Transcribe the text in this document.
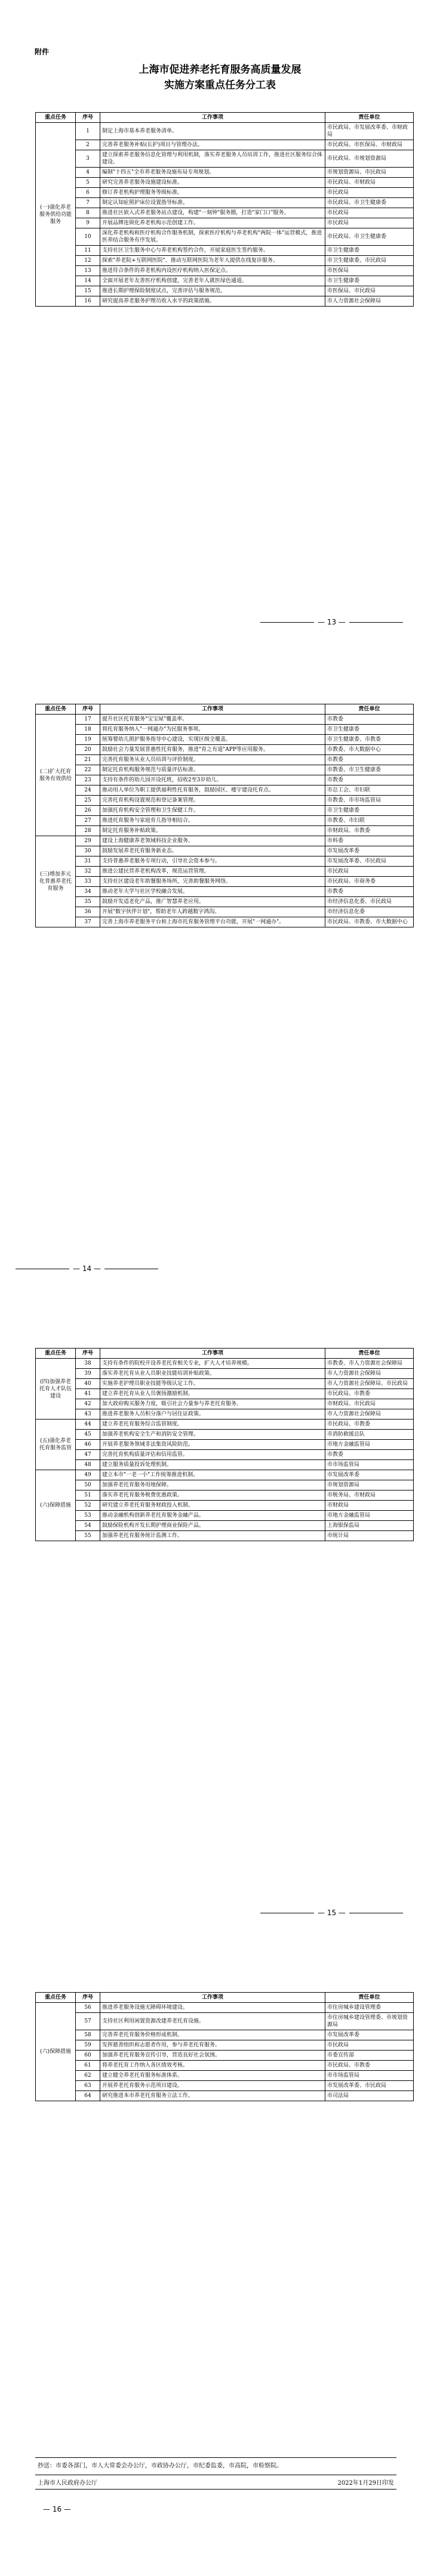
附件
上海市促进养老托育服务高质量发展
实施方案重点任务分工表
重点任务	序号	工作事项	责任单位
(一)强化养老服务供给功能服务	1	制定上海市基本养老服务清单。	市民政局、市发展改革委、市财政局
	2	完善养老服务补贴(长护)项目与管理办法。	市民政局、市医保局、市财政局
	3	建立探索养老服务信息化管理与利用机制，落实养老服务人员培训工作，推进社区服务综合体建设。	市民政局、市规划资源局
	4	编制"十四五"全市养老服务设施布局专项规划。	市规划资源局、市民政局
	5	研究完善养老服务设施建设标准。	市民政局、市财政局
	6	修订养老机构护理服务等级标准。	市民政局
	7	制定认知症照护床位设置指导标准。	市民政局、市卫生健康委
	8	推进社区嵌入式养老服务站点建设，构建"一刻钟"服务圈，打造"家门口"服务。	市民政局
	9	开展品牌连锁化养老机构示范创建工作。	市民政局
	10	深化养老机构和医疗机构合作服务机制，探索医疗机构与养老机构"两院一体"运营模式，推进医养结合服务有序发展。	市民政局、市卫生健康委
	11	支持社区卫生服务中心与养老机构签约合作，开展家庭医生签约服务。	市卫生健康委
	12	探索"养老院+互联网医院"、推动互联网医院为老年人提供在线复诊服务。	市卫生健康委、市民政局
	13	推进符合条件的养老机构内设医疗机构纳入医保定点。	市医保局
	14	全面开展老年友善医疗机构创建，完善老年人就医绿色通道。	市卫生健康委
	15	推进长期护理保险制度试点，完善评估与服务规范。	市医保局、市民政局
	16	研究提高养老服务护理员收入水平的政策措施。	市人力资源社会保障局
— 13 —
重点任务	序号	工作事项	责任单位
(二)扩大托育服务有效供给	17	提升社区托育服务"宝宝屋"覆盖率。	市教委
	18	将托育服务纳入"一网通办"为民服务事项。	市卫生健康委
	19	统筹婴幼儿照护服务指导中心建设，实现区级全覆盖。	市卫生健康委、市教委
	20	鼓励社会力量发展普惠性托育服务，推进"育之有道"APP等应用服务。	市教委、市大数据中心
	21	完善托育服务从业人员培训与评价制度。	市教委
	22	制定托育机构服务规范与质量评估标准。	市教委、市卫生健康委
	23	支持有条件的幼儿园开设托班，招收2至3岁幼儿。	市教委
	24	推动用人单位为职工提供福利性托育服务，鼓励园区、楼宇建设托育点。	市总工会、市妇联
	25	完善托育机构设置规范和登记备案管理。	市教委、市市场监管局
	26	加强托育机构安全管理和卫生保健工作。	市卫生健康委
	27	推进托育服务与家庭育儿指导相结合。	市教委、市妇联
	28	制定托育服务补贴政策。	市财政局、市教委
(三)增加多元化普惠养老托育服务	29	建设上海健康养老领域科技企业服务。	市科委
	30	鼓励发展养老托育服务新业态。	市发展改革委
	31	支持普惠养老服务专项行动，引导社会资本参与。	市发展改革委、市民政局
	32	推进公建民营养老机构改革，规范运营管理。	市民政局
	33	支持社区建设老年助餐服务场所，完善助餐服务网络。	市民政局、市商务委
	34	推动老年大学与社区学校融合发展。	市教委
	35	鼓励开发适老化产品，推广智慧养老应用。	市经济信息化委、市民政局
	36	开展"数字伙伴计划"，帮助老年人跨越数字鸿沟。	市经济信息化委
	37	完善上海市养老服务平台和上海市托育服务管理平台功能，开展"一网通办"。	市民政局、市教委、市大数据中心
— 14 —
重点任务	序号	工作事项	责任单位
(四)加强养老托育人才队伍建设	38	支持有条件的院校开设养老托育相关专业，扩大人才培养规模。	市教委、市人力资源社会保障局
	39	落实养老托育从业人员职业技能培训补贴政策。	市人力资源社会保障局
	40	实施养老护理员职业技能等级认定工作。	市人力资源社会保障局、市民政局
	41	建立养老托育从业人员褒扬激励机制。	市民政局、市教委
	42	加大政府购买服务力度，吸引社会力量参与养老托育服务。	市财政局、市民政局
	43	推进养老服务人员积分落户与居住证政策。	市人力资源社会保障局
(五)强化养老托育服务监管	44	建立养老托育服务综合监管制度。	市民政局、市教委
	45	加强养老机构安全生产和消防安全管理。	市消防救援总队
	46	开展养老服务领域非法集资风险防范。	市地方金融监管局
	47	完善托育机构质量评估和信用监管。	市教委
	48	建立服务质量投诉处理机制。	市市场监管局
(六)保障措施	49	建立本市"一老一小"工作统筹推进机制。	市发展改革委
	50	加强养老托育服务用地保障。	市规划资源局
	51	落实养老托育服务税费优惠政策。	市税务局、市财政局
	52	研究建立养老托育服务财政投入机制。	市财政局
	53	推动金融机构创新养老托育服务金融产品。	市地方金融监管局
	54	鼓励保险机构开发长期护理商业保险产品。	上海银保监局
	55	加强养老托育服务统计监测工作。	市统计局
— 15 —
重点任务	序号	工作事项	责任单位
(六)保障措施	56	推进养老服务设施无障碍环境建设。	市住房城乡建设管理委
	57	支持社区利用闲置资源改建养老托育设施。	市住房城乡建设管理委、市规划资源局
	58	完善养老托育服务价格形成机制。	市发展改革委
	59	发挥慈善组织和志愿者作用，参与养老托育服务。	市民政局
	60	加强养老托育服务宣传引导，营造良好社会氛围。	市委宣传部
	61	将养老托育工作纳入各区绩效考核。	市民政局、市教委
	62	建立健全养老托育服务标准体系。	市市场监管局
	63	开展养老托育服务示范项目建设。	市发展改革委、市民政局
	64	研究推进本市养老托育服务立法工作。	市司法局
抄送：市委各部门，市人大常委会办公厅，市政协办公厅，市纪委监委，市高院，市检察院。
上海市人民政府办公厅	2022年1月29日印发
— 16 —
